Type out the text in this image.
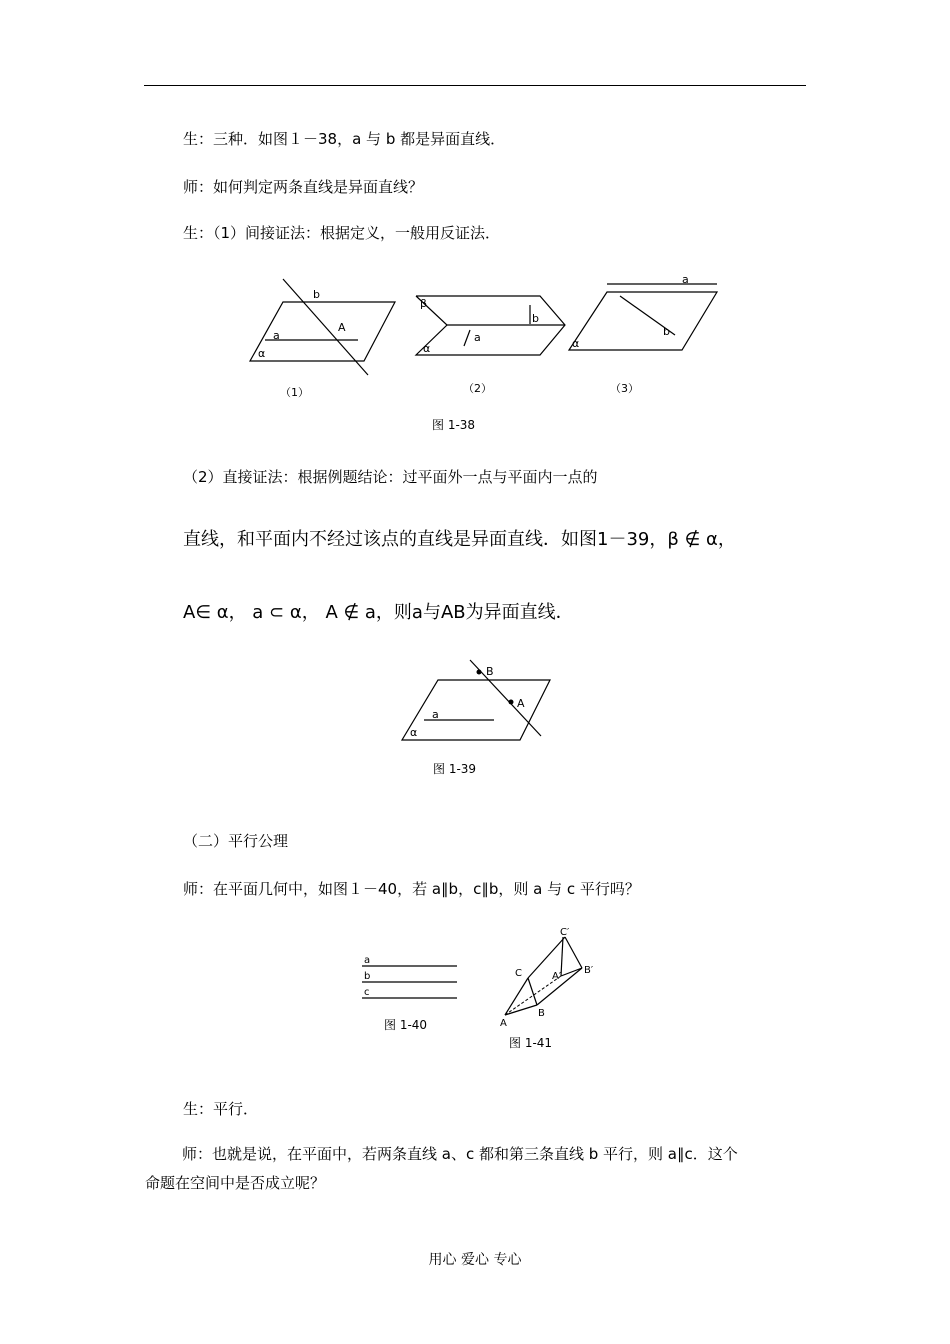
生：三种．如图１－38，a 与 b 都是异面直线．
师：如何判定两条直线是异面直线？
生：（1）间接证法：根据定义，一般用反证法．
b
A
a
α
β
b
a
α
a
b
α
（1）	（2）	（3）
图 1-38
（2）直接证法：根据例题结论：过平面外一点与平面内一点的
直线，和平面内不经过该点的直线是异面直线．如图1－39，β ∉ α，
A∈ α， a ⊂ α， A ∉ a，则a与AB为异面直线．
B
A
a
α
图 1-39
（二）平行公理
师：在平面几何中，如图１－40，若 a∥b，c∥b，则 a 与 c 平行吗？
a
b
c
图 1-40
C′
C	A′
B′
B
A
图 1-41
生：平行．
师：也就是说，在平面中，若两条直线 a、c 都和第三条直线 b 平行，则 a∥c．这个
命题在空间中是否成立呢？
用心 爱心 专心
